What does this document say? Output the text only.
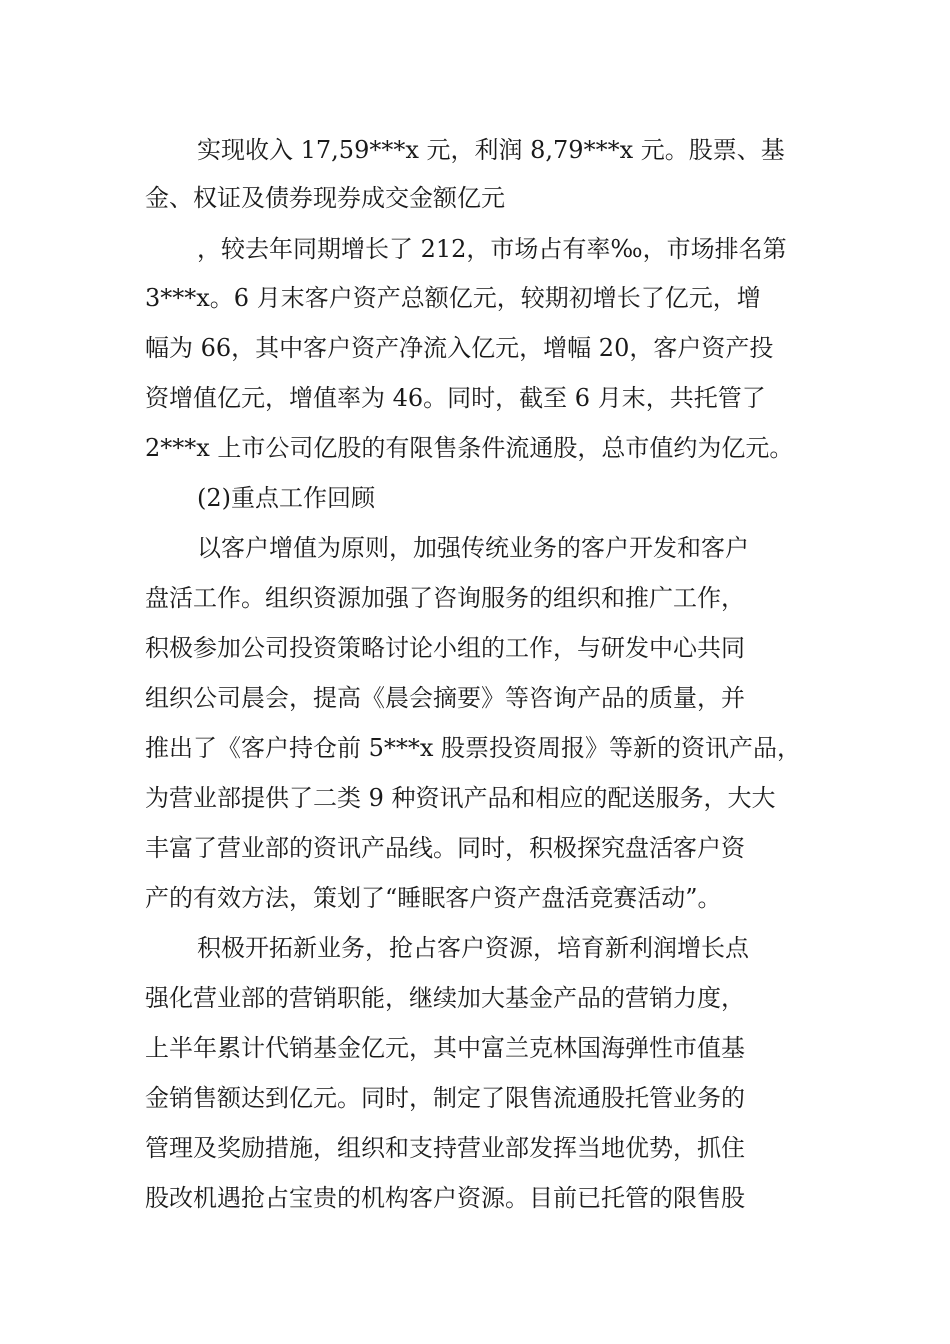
实现收入 17,59***x 元，利润 8,79***x 元。股票、基
金、权证及债券现券成交金额亿元
，较去年同期增长了 212，市场占有率‰，市场排名第
3***x。6 月末客户资产总额亿元，较期初增长了亿元，增
幅为 66，其中客户资产净流入亿元，增幅 20，客户资产投
资增值亿元，增值率为 46。同时，截至 6 月末，共托管了
2***x 上市公司亿股的有限售条件流通股，总市值约为亿元。
(2)重点工作回顾
以客户增值为原则，加强传统业务的客户开发和客户
盘活工作。组织资源加强了咨询服务的组织和推广工作，
积极参加公司投资策略讨论小组的工作，与研发中心共同
组织公司晨会，提高《晨会摘要》等咨询产品的质量，并
推出了《客户持仓前 5***x 股票投资周报》等新的资讯产品，
为营业部提供了二类 9 种资讯产品和相应的配送服务，大大
丰富了营业部的资讯产品线。同时，积极探究盘活客户资
产的有效方法，策划了“睡眠客户资产盘活竞赛活动”。
积极开拓新业务，抢占客户资源，培育新利润增长点
强化营业部的营销职能，继续加大基金产品的营销力度，
上半年累计代销基金亿元，其中富兰克林国海弹性市值基
金销售额达到亿元。同时，制定了限售流通股托管业务的
管理及奖励措施，组织和支持营业部发挥当地优势，抓住
股改机遇抢占宝贵的机构客户资源。目前已托管的限售股
